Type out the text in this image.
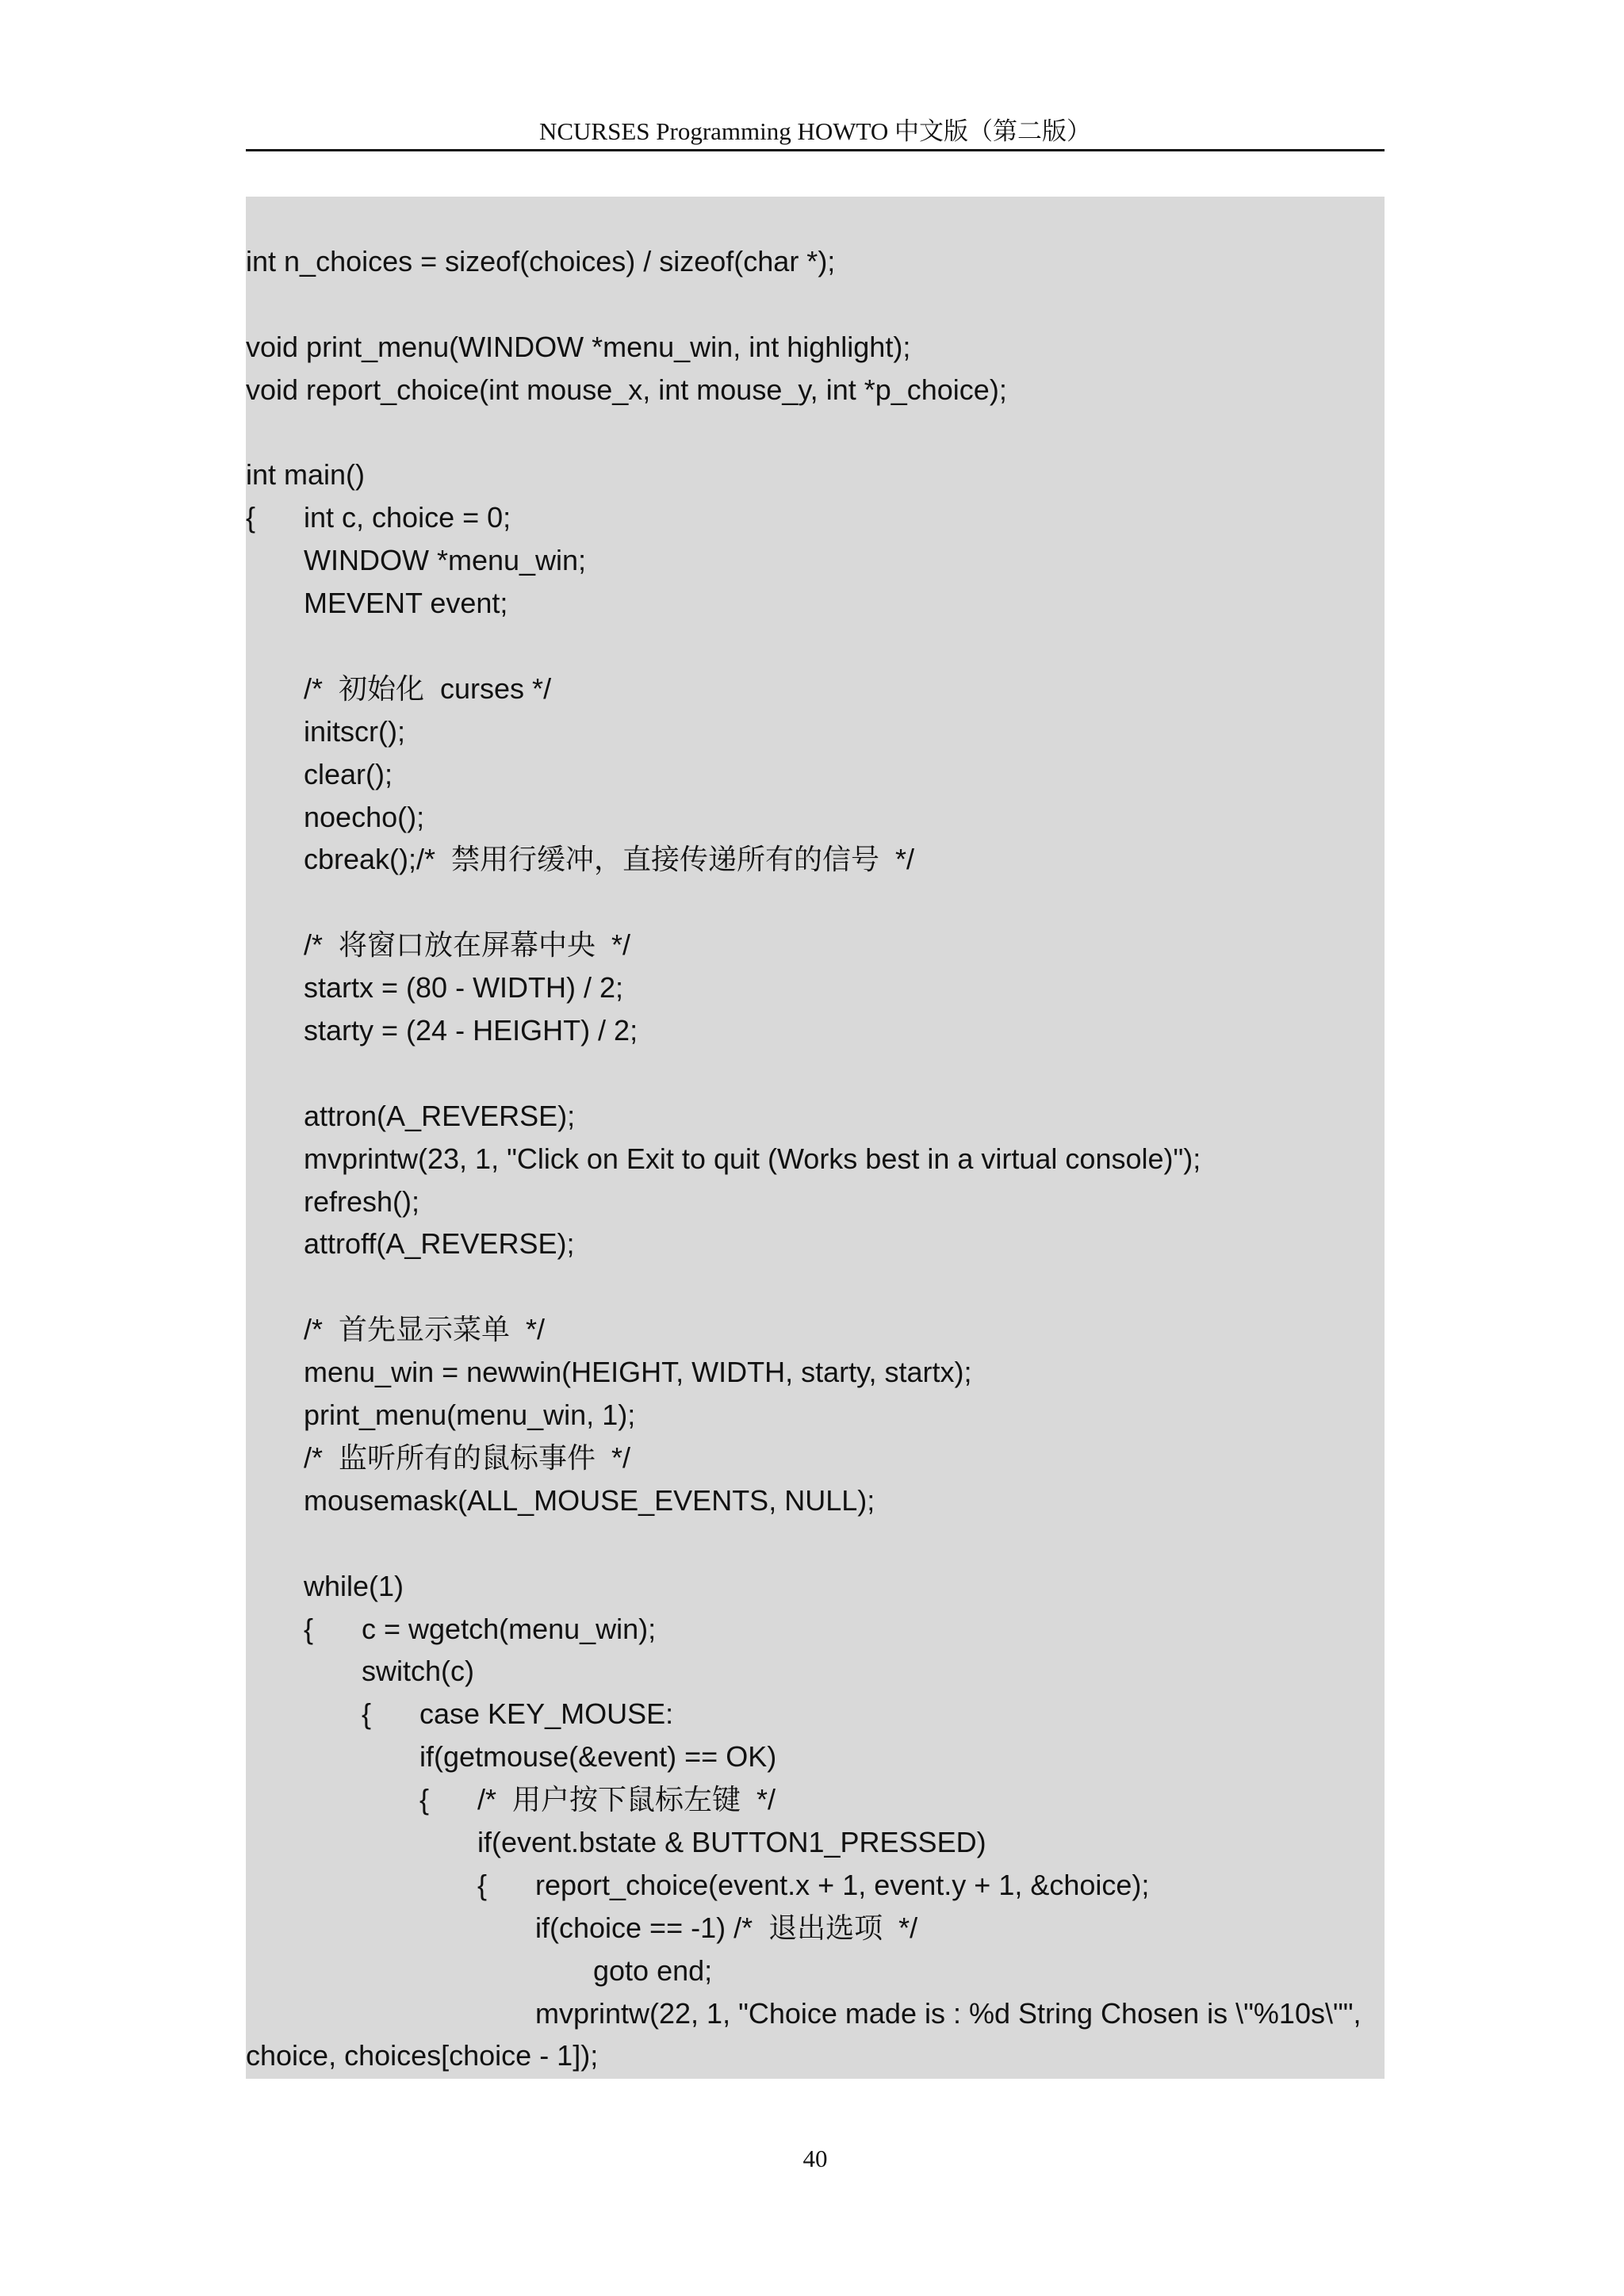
NCURSES Programming HOWTO 中文版（第二版）
int n_choices = sizeof(choices) / sizeof(char *);
void print_menu(WINDOW *menu_win, int highlight);
void report_choice(int mouse_x, int mouse_y, int *p_choice);
int main()
{ int c, choice = 0;
WINDOW *menu_win;
MEVENT event;
/*  初始化  curses */
initscr();
clear();
noecho();
cbreak();/*  禁用行缓冲，直接传递所有的信号  */
/*  将窗口放在屏幕中央  */
startx = (80 - WIDTH) / 2;
starty = (24 - HEIGHT) / 2;
attron(A_REVERSE);
mvprintw(23, 1, "Click on Exit to quit (Works best in a virtual console)");
refresh();
attroff(A_REVERSE);
/*  首先显示菜单  */
menu_win = newwin(HEIGHT, WIDTH, starty, startx);
print_menu(menu_win, 1);
/*  监听所有的鼠标事件  */
mousemask(ALL_MOUSE_EVENTS, NULL);
while(1)
{ c = wgetch(menu_win);
switch(c)
{ case KEY_MOUSE:
if(getmouse(&event) == OK)
{ /*  用户按下鼠标左键  */
if(event.bstate & BUTTON1_PRESSED)
{ report_choice(event.x + 1, event.y + 1, &choice);
if(choice == -1) /*  退出选项  */
goto end;
mvprintw(22, 1, "Choice made is : %d String Chosen is \"%10s\"",
choice, choices[choice - 1]);
40
